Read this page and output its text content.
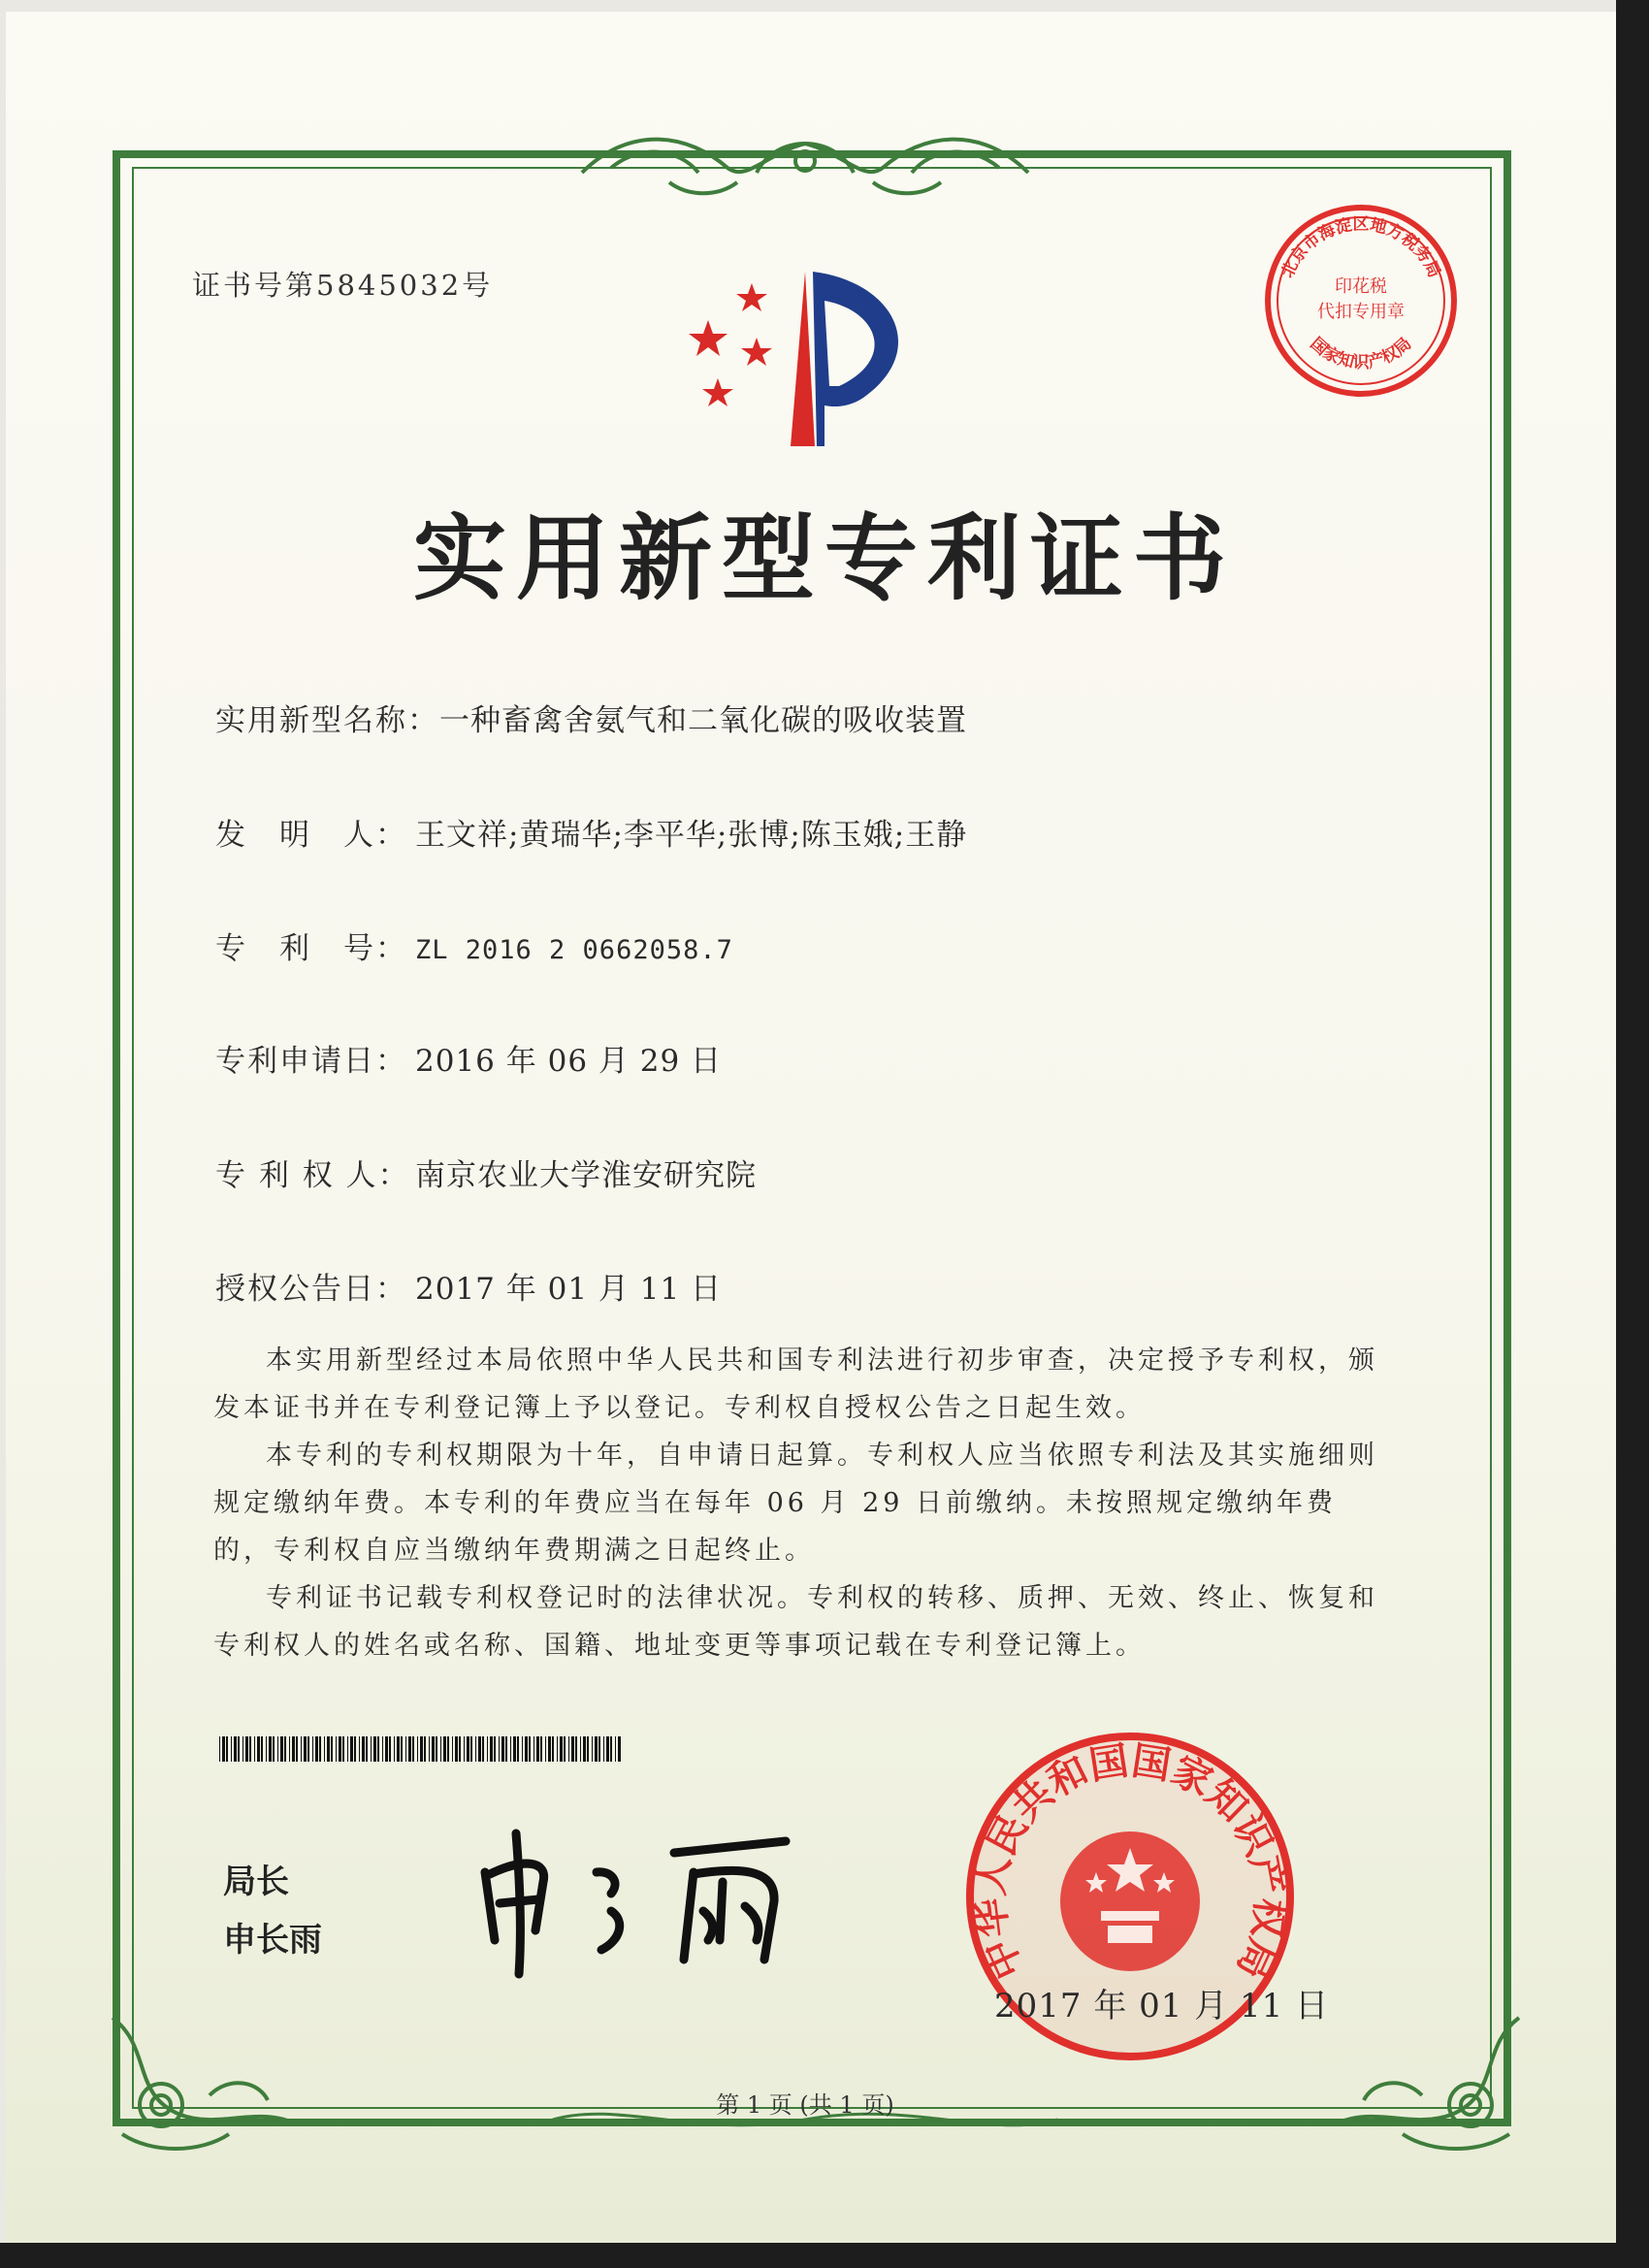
证书号第5845032号	北京市海淀区地方税务局
国家知识产权局
印花税
代扣专用章
实用新型专利证书
实用新型名称：一种畜禽舍氨气和二氧化碳的吸收装置
发　明　人： 王文祥;黄瑞华;李平华;张博;陈玉娥;王静
专　利　号： ZL 2016 2 0662058.7
专利申请日： 2016 年 06 月 29 日
专 利 权 人： 南京农业大学淮安研究院
授权公告日： 2017 年 01 月 11 日

本实用新型经过本局依照中华人民共和国专利法进行初步审查，决定授予专利权，颁发本证书并在专利登记簿上予以登记。专利权自授权公告之日起生效。

本专利的专利权期限为十年，自申请日起算。专利权人应当依照专利法及其实施细则规定缴纳年费。本专利的年费应当在每年 06 月 29 日前缴纳。未按照规定缴纳年费的，专利权自应当缴纳年费期满之日起终止。

专利证书记载专利权登记时的法律状况。专利权的转移、质押、无效、终止、恢复和专利权人的姓名或名称、国籍、地址变更等事项记载在专利登记簿上。

局长
申长雨	中华人民共和国国家知识产权局
2017 年 01 月 11 日
第 1 页 (共 1 页)
